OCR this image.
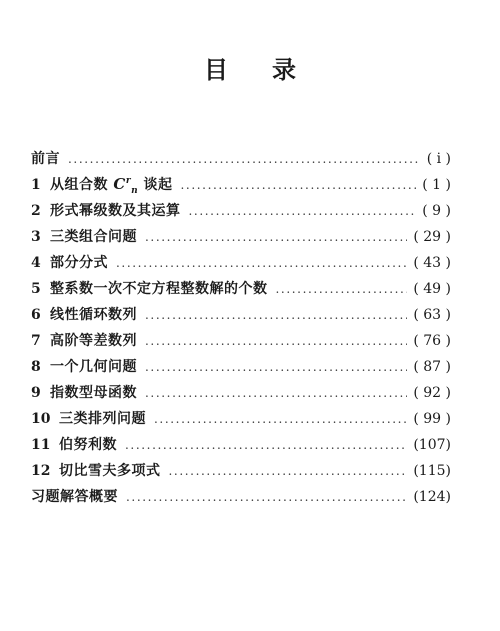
目 录
前言 .....	( ⅰ )
1 从组合数 $C^r_n$ 谈起 .....	( 1 )
2 形式幂级数及其运算 .....	( 9 )
3 三类组合问题 .....	( 29 )
4 部分分式 .....	( 43 )
5 整系数一次不定方程整数解的个数 .....	( 49 )
6 线性循环数列 .....	( 63 )
7 高阶等差数列 .....	( 76 )
8 一个几何问题 .....	( 87 )
9 指数型母函数 .....	( 92 )
10 三类排列问题 .....	( 99 )
11 伯努利数 .....	(107)
12 切比雪夫多项式 .....	(115)
习题解答概要 .....	(124)
